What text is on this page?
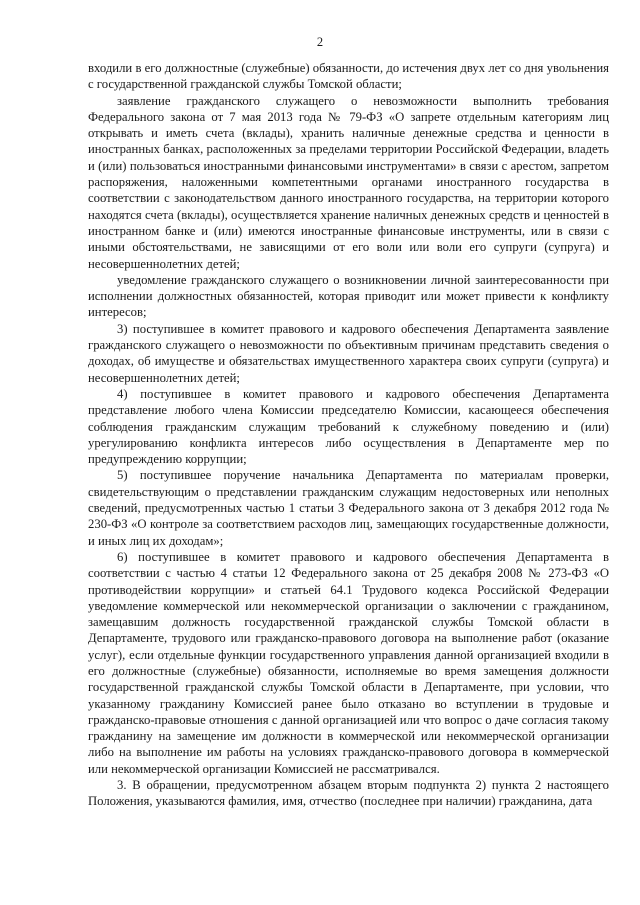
2

входили в его должностные (служебные) обязанности, до истечения двух лет со дня увольнения с государственной гражданской службы Томской области;

заявление гражданского служащего о невозможности выполнить требования Федерального закона от 7 мая 2013 года № 79-ФЗ «О запрете отдельным категориям лиц открывать и иметь счета (вклады), хранить наличные денежные средства и ценности в иностранных банках, расположенных за пределами территории Российской Федерации, владеть и (или) пользоваться иностранными финансовыми инструментами» в связи с арестом, запретом распоряжения, наложенными компетентными органами иностранного государства в соответствии с законодательством данного иностранного государства, на территории которого находятся счета (вклады), осуществляется хранение наличных денежных средств и ценностей в иностранном банке и (или) имеются иностранные финансовые инструменты, или в связи с иными обстоятельствами, не зависящими от его воли или воли его супруги (супруга) и несовершеннолетних детей;

уведомление гражданского служащего о возникновении личной заинтересованности при исполнении должностных обязанностей, которая приводит или может привести к конфликту интересов;

3) поступившее в комитет правового и кадрового обеспечения Департамента заявление гражданского служащего о невозможности по объективным причинам представить сведения о доходах, об имуществе и обязательствах имущественного характера своих супруги (супруга) и несовершеннолетних детей;

4) поступившее в комитет правового и кадрового обеспечения Департамента представление любого члена Комиссии председателю Комиссии, касающееся обеспечения соблюдения гражданским служащим требований к служебному поведению и (или) урегулированию конфликта интересов либо осуществления в Департаменте мер по предупреждению коррупции;

5) поступившее поручение начальника Департамента по материалам проверки, свидетельствующим о представлении гражданским служащим недостоверных или неполных сведений, предусмотренных частью 1 статьи 3 Федерального закона от 3 декабря 2012 года № 230-ФЗ «О контроле за соответствием расходов лиц, замещающих государственные должности, и иных лиц их доходам»;

6) поступившее в комитет правового и кадрового обеспечения Департамента в соответствии с частью 4 статьи 12 Федерального закона от 25 декабря 2008 № 273-ФЗ «О противодействии коррупции» и статьей 64.1 Трудового кодекса Российской Федерации уведомление коммерческой или некоммерческой организации о заключении с гражданином, замещавшим должность государственной гражданской службы Томской области в Департаменте, трудового или гражданско-правового договора на выполнение работ (оказание услуг), если отдельные функции государственного управления данной организацией входили в его должностные (служебные) обязанности, исполняемые во время замещения должности государственной гражданской службы Томской области в Департаменте, при условии, что указанному гражданину Комиссией ранее было отказано во вступлении в трудовые и гражданско-правовые отношения с данной организацией или что вопрос о даче согласия такому гражданину на замещение им должности в коммерческой или некоммерческой организации либо на выполнение им работы на условиях гражданско-правового договора в коммерческой или некоммерческой организации Комиссией не рассматривался.

3. В обращении, предусмотренном абзацем вторым подпункта 2) пункта 2 настоящего Положения, указываются фамилия, имя, отчество (последнее при наличии) гражданина, дата
